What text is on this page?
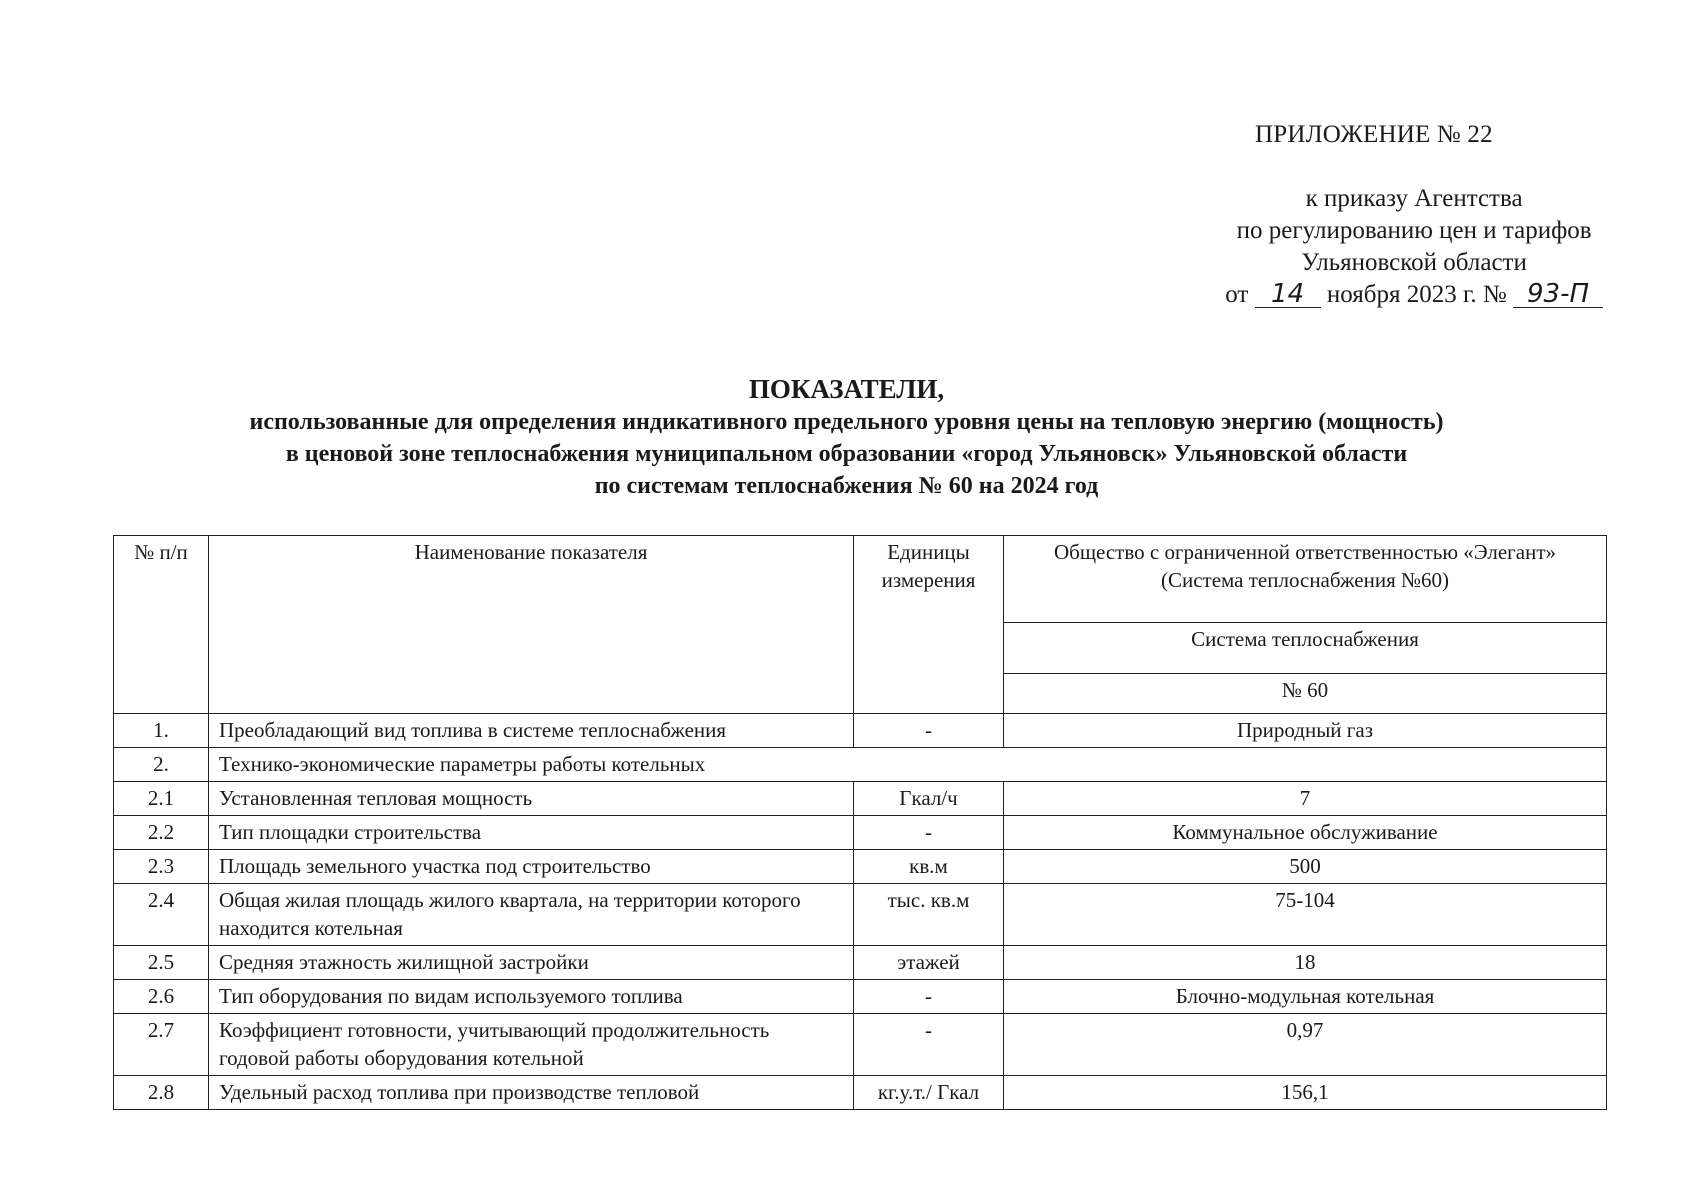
ПРИЛОЖЕНИЕ № 22
к приказу Агентства
по регулированию цен и тарифов
Ульяновской области
от 14 ноября 2023 г. № 93-П
ПОКАЗАТЕЛИ,
использованные для определения индикативного предельного уровня цены на тепловую энергию (мощность)
в ценовой зоне теплоснабжения муниципальном образовании «город Ульяновск» Ульяновской области
по системам теплоснабжения № 60 на 2024 год
№ п/п	Наименование показателя	Единицы измерения	Общество с ограниченной ответственностью «Элегант» (Система теплоснабжения №60)
			Система теплоснабжения
			№ 60
1.	Преобладающий вид топлива в системе теплоснабжения	-	Природный газ
2.	Технико-экономические параметры работы котельных		
2.1	Установленная тепловая мощность	Гкал/ч	7
2.2	Тип площадки строительства	-	Коммунальное обслуживание
2.3	Площадь земельного участка под строительство	кв.м	500
2.4	Общая жилая площадь жилого квартала, на территории которого находится котельная	тыс. кв.м	75-104
2.5	Средняя этажность жилищной застройки	этажей	18
2.6	Тип оборудования по видам используемого топлива	-	Блочно-модульная котельная
2.7	Коэффициент готовности, учитывающий продолжительность годовой работы оборудования котельной	-	0,97
2.8	Удельный расход топлива при производстве тепловой	кг.у.т./ Гкал	156,1
